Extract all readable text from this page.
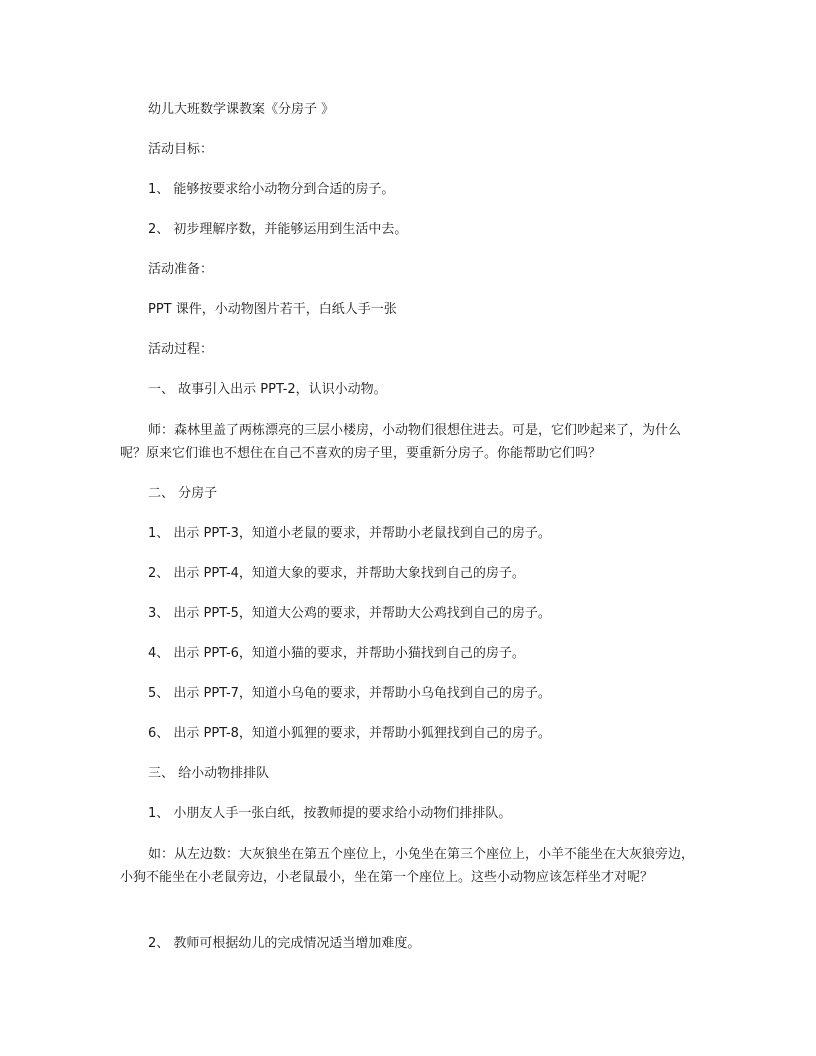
幼儿大班数学课教案《分房子 》

活动目标：

1、 能够按要求给小动物分到合适的房子。

2、 初步理解序数，并能够运用到生活中去。

活动准备：

PPT 课件，小动物图片若干，白纸人手一张

活动过程：

一、 故事引入出示 PPT-2，认识小动物。

师：森林里盖了两栋漂亮的三层小楼房，小动物们很想住进去。可是，它们吵起来了，为什么呢？原来它们谁也不想住在自己不喜欢的房子里，要重新分房子。你能帮助它们吗？

二、 分房子

1、 出示 PPT-3，知道小老鼠的要求，并帮助小老鼠找到自己的房子。

2、 出示 PPT-4，知道大象的要求，并帮助大象找到自己的房子。

3、 出示 PPT-5，知道大公鸡的要求，并帮助大公鸡找到自己的房子。

4、 出示 PPT-6，知道小猫的要求，并帮助小猫找到自己的房子。

5、 出示 PPT-7，知道小乌龟的要求，并帮助小乌龟找到自己的房子。

6、 出示 PPT-8，知道小狐狸的要求，并帮助小狐狸找到自己的房子。

三、 给小动物排排队

1、 小朋友人手一张白纸，按教师提的要求给小动物们排排队。

如：从左边数：大灰狼坐在第五个座位上，小兔坐在第三个座位上，小羊不能坐在大灰狼旁边，小狗不能坐在小老鼠旁边，小老鼠最小，坐在第一个座位上。这些小动物应该怎样坐才对呢？

2、 教师可根据幼儿的完成情况适当增加难度。
